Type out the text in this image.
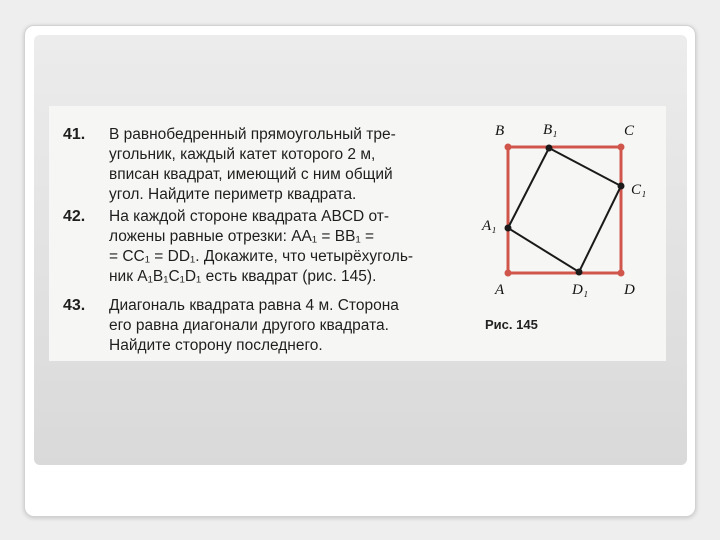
41. В равнобедренный прямоугольный тре-
угольник, каждый катет которого 2 м,
вписан квадрат, имеющий с ним общий
угол. Найдите периметр квадрата.
42. На каждой стороне квадрата ABCD от-
ложены равные отрезки: AA₁ = BB₁ =
= CC₁ = DD₁. Докажите, что четырёхуголь-
ник A₁B₁C₁D₁ есть квадрат (рис. 145).
43. Диагональ квадрата равна 4 м. Сторона
его равна диагонали другого квадрата.
Найдите сторону последнего.
B	B₁	C
C₁
A₁
A	D₁ D
Рис. 145
